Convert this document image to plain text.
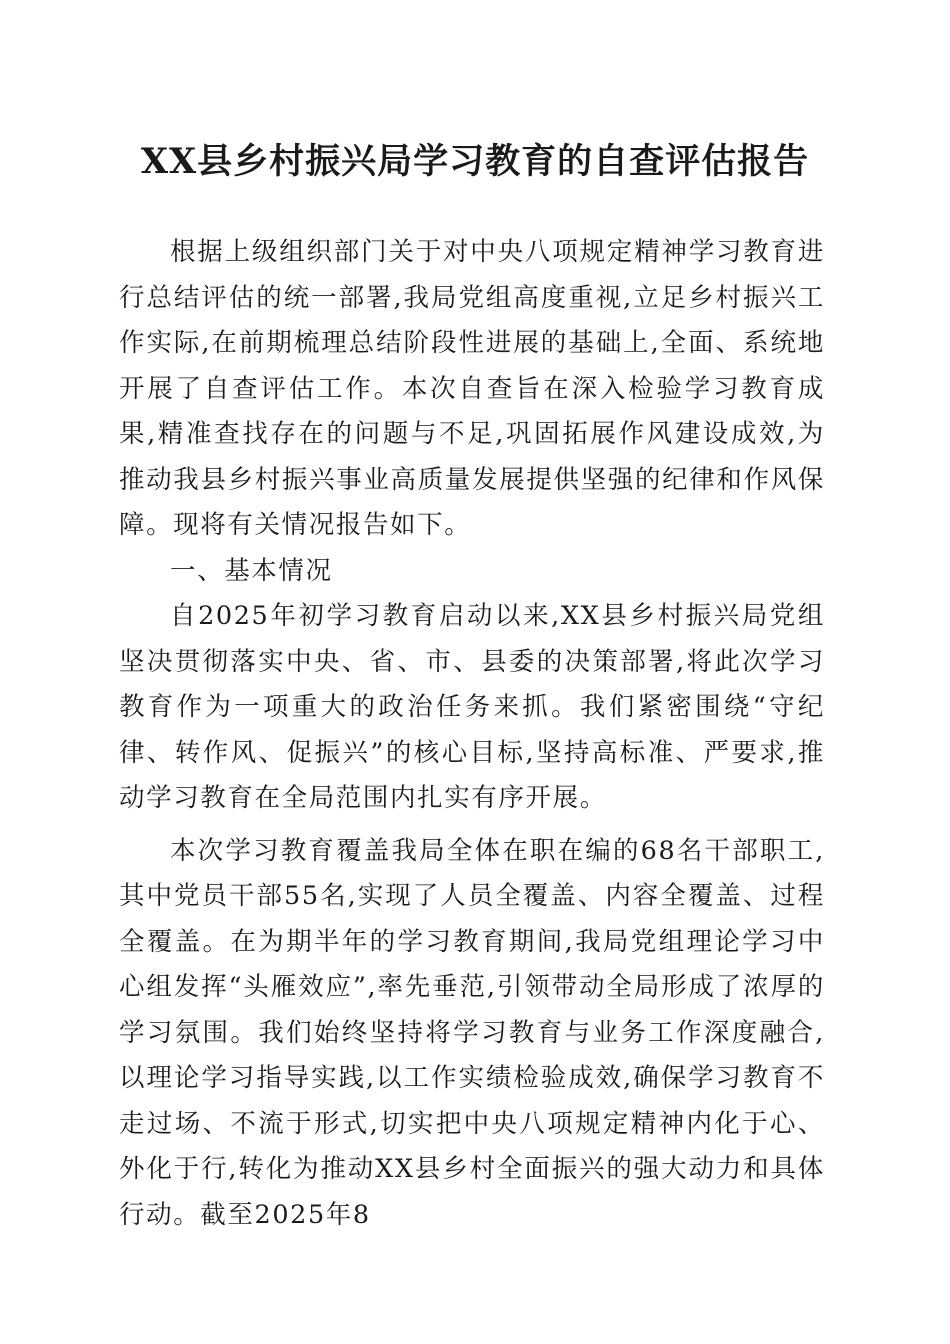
XX县乡村振兴局学习教育的自查评估报告

根据上级组织部门关于对中央八项规定精神学习教育进行总结评估的统一部署,我局党组高度重视,立足乡村振兴工作实际,在前期梳理总结阶段性进展的基础上,全面、系统地开展了自查评估工作。本次自查旨在深入检验学习教育成果,精准查找存在的问题与不足,巩固拓展作风建设成效,为推动我县乡村振兴事业高质量发展提供坚强的纪律和作风保障。现将有关情况报告如下。

一、基本情况

自2025年初学习教育启动以来,XX县乡村振兴局党组坚决贯彻落实中央、省、市、县委的决策部署,将此次学习教育作为一项重大的政治任务来抓。我们紧密围绕“守纪律、转作风、促振兴”的核心目标,坚持高标准、严要求,推动学习教育在全局范围内扎实有序开展。

本次学习教育覆盖我局全体在职在编的68名干部职工,其中党员干部55名,实现了人员全覆盖、内容全覆盖、过程全覆盖。在为期半年的学习教育期间,我局党组理论学习中心组发挥“头雁效应”,率先垂范,引领带动全局形成了浓厚的学习氛围。我们始终坚持将学习教育与业务工作深度融合,以理论学习指导实践,以工作实绩检验成效,确保学习教育不走过场、不流于形式,切实把中央八项规定精神内化于心、外化于行,转化为推动XX县乡村全面振兴的强大动力和具体行动。截至2025年8
